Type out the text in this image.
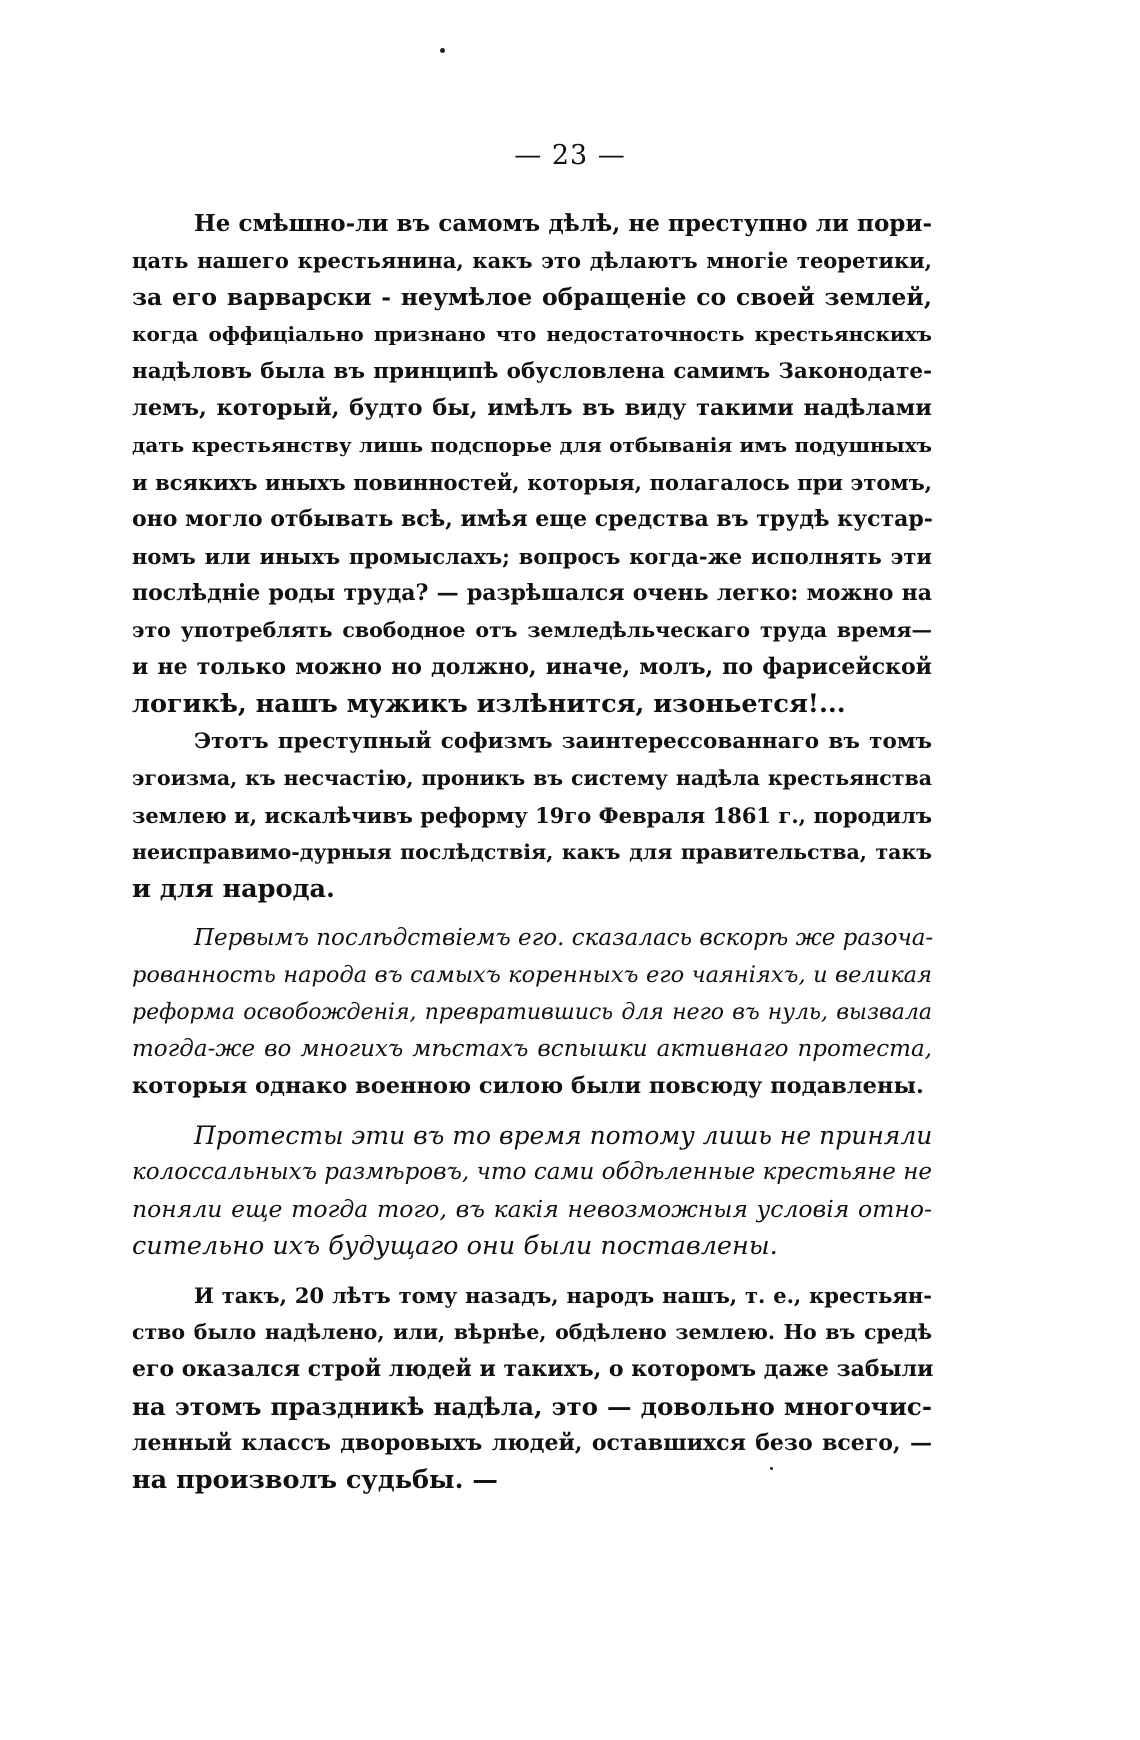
— 23 —
Не смѣшно-ли въ самомъ дѣлѣ, не преступно ли пори-
цать нашего крестьянина, какъ это дѣлаютъ многіе теоретики,
за его варварски - неумѣлое обращеніе со своей землей,
когда оффиціально признано что недостаточность крестьянскихъ
надѣловъ была въ принципѣ обусловлена самимъ Законодате-
лемъ, который, будто бы, имѣлъ въ виду такими надѣлами
дать крестьянству лишь подспорье для отбыванія имъ подушныхъ
и всякихъ иныхъ повинностей, которыя, полагалось при этомъ,
оно могло отбывать всѣ, имѣя еще средства въ трудѣ кустар-
номъ или иныхъ промыслахъ; вопросъ когда-же исполнять эти
послѣдніе роды труда? — разрѣшался очень легко: можно на
это употреблять свободное отъ земледѣльческаго труда время—
и не только можно но должно, иначе, молъ, по фарисейской
логикѣ, нашъ мужикъ излѣнится, изоньется!...
Этотъ преступный софизмъ заинтерессованнаго въ томъ
эгоизма, къ несчастію, проникъ въ систему надѣла крестьянства
землею и, искалѣчивъ реформу 19го Февраля 1861 г., породилъ
неисправимо-дурныя послѣдствія, какъ для правительства, такъ
и для народа.
Первымъ послѣдствіемъ его. сказалась вскорѣ же разоча-
рованность народа въ самыхъ коренныхъ его чаяніяхъ, и великая
реформа освобожденія, превратившись для него въ нуль, вызвала
тогда-же во многихъ мѣстахъ вспышки активнаго протеста,
которыя однако военною силою были повсюду подавлены.
Протесты эти въ то время потому лишь не приняли
колоссальныхъ размѣровъ, что сами обдѣленные крестьяне не
поняли еще тогда того, въ какія невозможныя условія отно-
сительно ихъ будущаго они были поставлены.
И такъ, 20 лѣтъ тому назадъ, народъ нашъ, т. е., крестьян-
ство было надѣлено, или, вѣрнѣе, обдѣлено землею. Но въ средѣ
его оказался строй людей и такихъ, о которомъ даже забыли
на этомъ праздникѣ надѣла, это — довольно многочис-
ленный классъ дворовыхъ людей, оставшихся безо всего, —
на произволъ судьбы. —
